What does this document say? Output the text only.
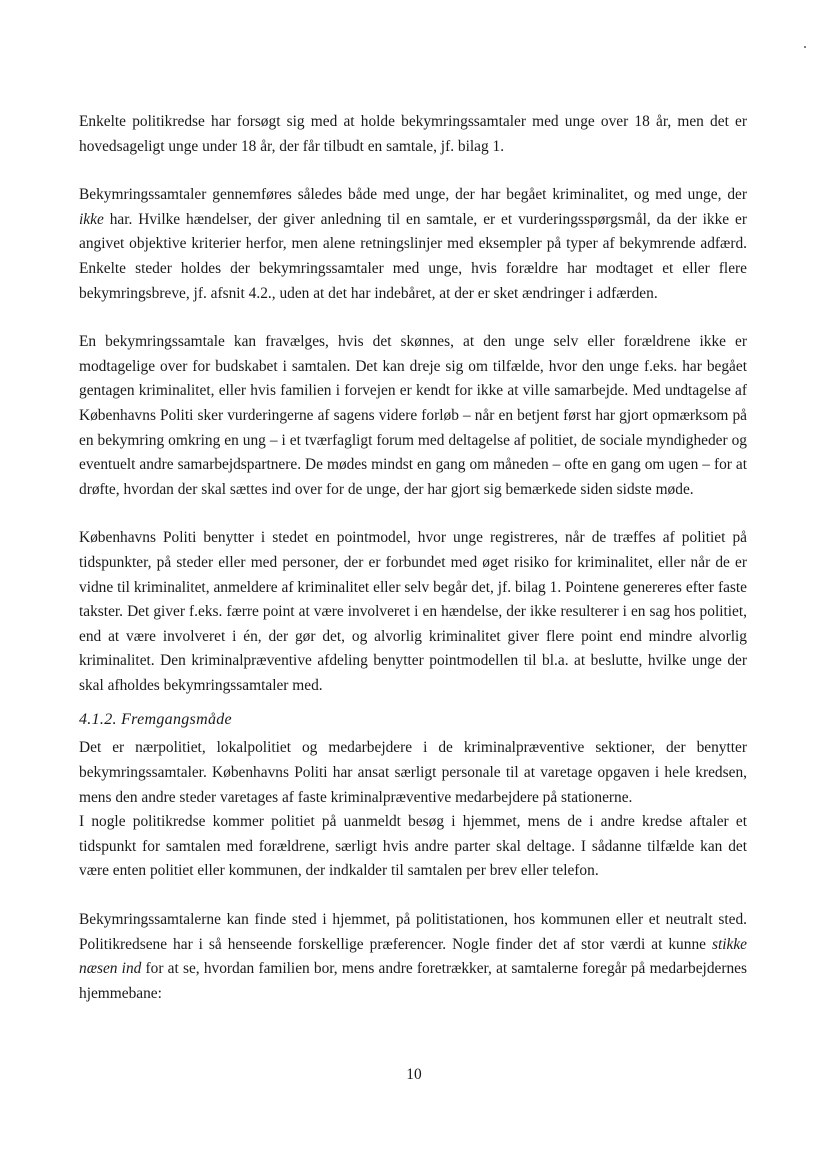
Enkelte politikredse har forsøgt sig med at holde bekymringssamtaler med unge over 18 år, men det er hovedsageligt unge under 18 år, der får tilbudt en samtale, jf. bilag 1.

Bekymringssamtaler gennemføres således både med unge, der har begået kriminalitet, og med unge, der ikke har. Hvilke hændelser, der giver anledning til en samtale, er et vurderingsspørgsmål, da der ikke er angivet objektive kriterier herfor, men alene retningslinjer med eksempler på typer af bekymrende adfærd. Enkelte steder holdes der bekymringssamtaler med unge, hvis forældre har modtaget et eller flere bekymringsbreve, jf. afsnit 4.2., uden at det har indebåret, at der er sket ændringer i adfærden.

En bekymringssamtale kan fravælges, hvis det skønnes, at den unge selv eller forældrene ikke er modtagelige over for budskabet i samtalen. Det kan dreje sig om tilfælde, hvor den unge f.eks. har begået gentagen kriminalitet, eller hvis familien i forvejen er kendt for ikke at ville samarbejde. Med undtagelse af Københavns Politi sker vurderingerne af sagens videre forløb – når en betjent først har gjort opmærksom på en bekymring omkring en ung – i et tværfagligt forum med deltagelse af politiet, de sociale myndigheder og eventuelt andre samarbejdspartnere. De mødes mindst en gang om måneden – ofte en gang om ugen – for at drøfte, hvordan der skal sættes ind over for de unge, der har gjort sig bemærkede siden sidste møde.

Københavns Politi benytter i stedet en pointmodel, hvor unge registreres, når de træffes af politiet på tidspunkter, på steder eller med personer, der er forbundet med øget risiko for kriminalitet, eller når de er vidne til kriminalitet, anmeldere af kriminalitet eller selv begår det, jf. bilag 1. Pointene genereres efter faste takster. Det giver f.eks. færre point at være involveret i en hændelse, der ikke resulterer i en sag hos politiet, end at være involveret i én, der gør det, og alvorlig kriminalitet giver flere point end mindre alvorlig kriminalitet. Den kriminalpræventive afdeling benytter pointmodellen til bl.a. at beslutte, hvilke unge der skal afholdes bekymringssamtaler med.

4.1.2. Fremgangsmåde

Det er nærpolitiet, lokalpolitiet og medarbejdere i de kriminalpræventive sektioner, der benytter bekymringssamtaler. Københavns Politi har ansat særligt personale til at varetage opgaven i hele kredsen, mens den andre steder varetages af faste kriminalpræventive medarbejdere på stationerne.

I nogle politikredse kommer politiet på uanmeldt besøg i hjemmet, mens de i andre kredse aftaler et tidspunkt for samtalen med forældrene, særligt hvis andre parter skal deltage. I sådanne tilfælde kan det være enten politiet eller kommunen, der indkalder til samtalen per brev eller telefon.

Bekymringssamtalerne kan finde sted i hjemmet, på politistationen, hos kommunen eller et neutralt sted. Politikredsene har i så henseende forskellige præferencer. Nogle finder det af stor værdi at kunne stikke næsen ind for at se, hvordan familien bor, mens andre foretrækker, at samtalerne foregår på medarbejdernes hjemmebane:

10
